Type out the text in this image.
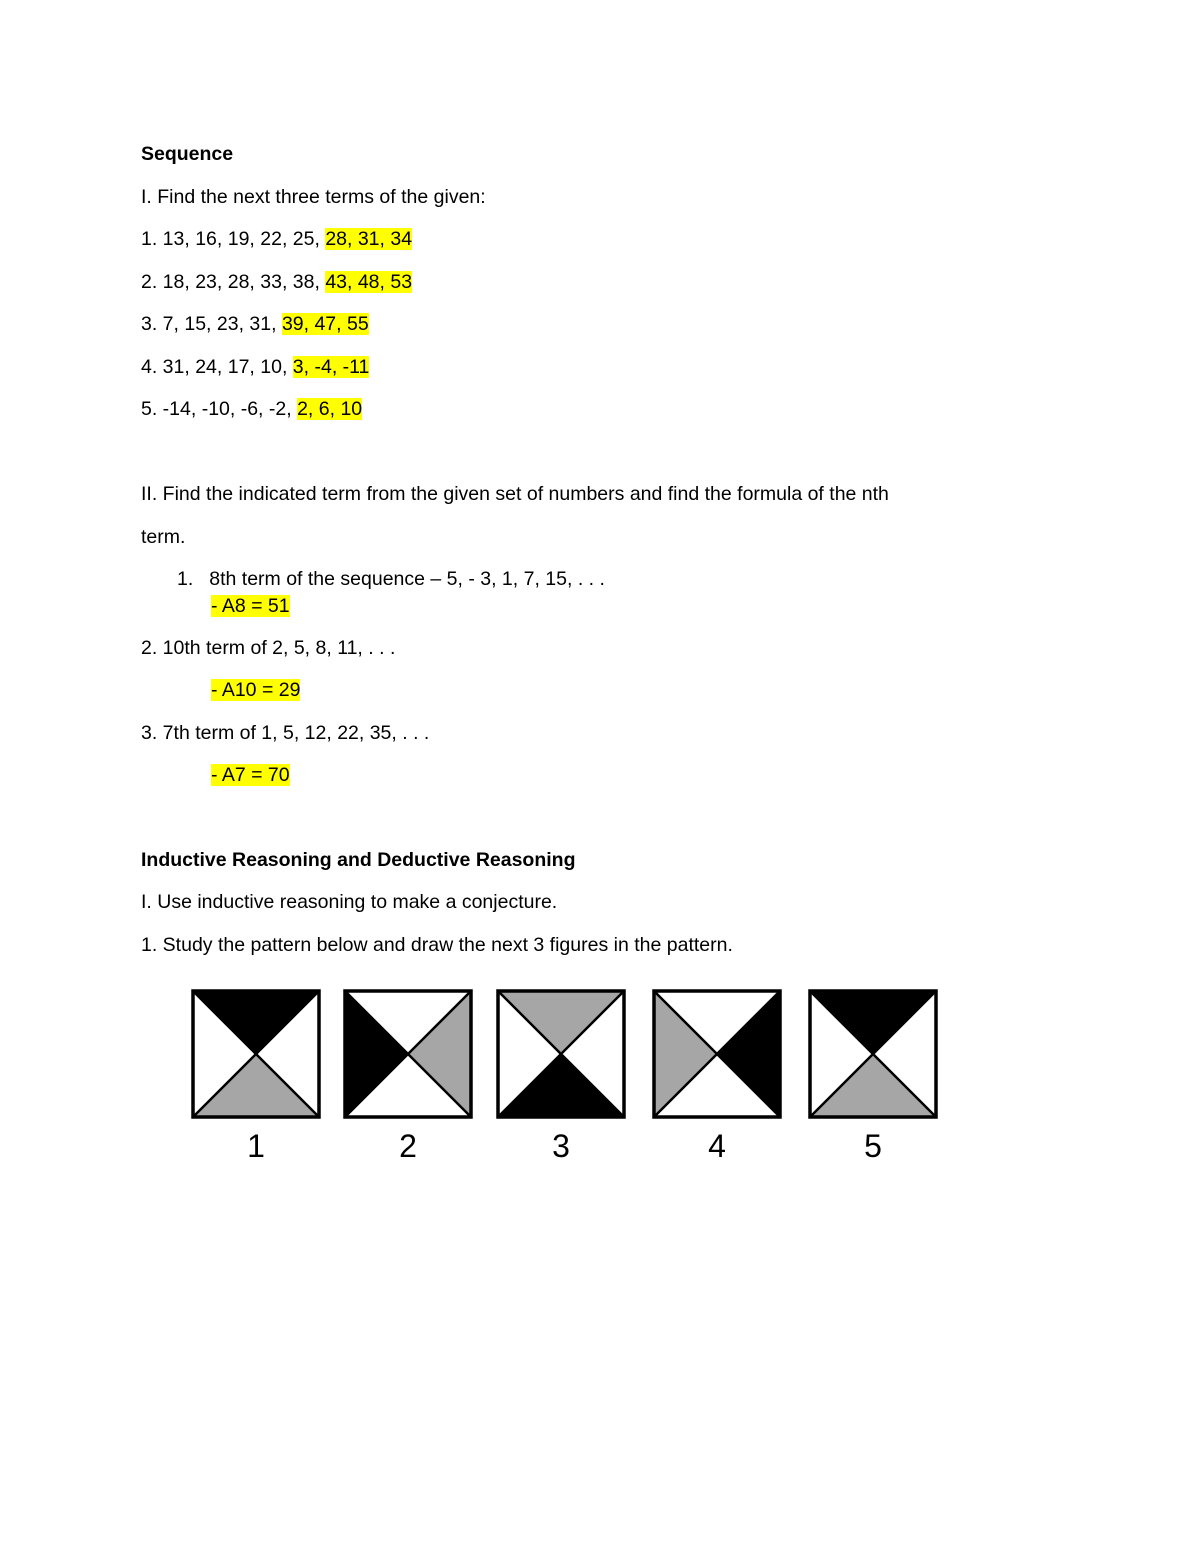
Sequence
I. Find the next three terms of the given:
1. 13, 16, 19, 22, 25, 28, 31, 34
2. 18, 23, 28, 33, 38, 43, 48, 53
3. 7, 15, 23, 31, 39, 47, 55
4. 31, 24, 17, 10, 3, -4, -11
5. -14, -10, -6, -2, 2, 6, 10
II. Find the indicated term from the given set of numbers and find the formula of the nth
term.
1. 8th term of the sequence – 5, - 3, 1, 7, 15, . . .
- A8 = 51
2. 10th term of 2, 5, 8, 11, . . .
- A10 = 29
3. 7th term of 1, 5, 12, 22, 35, . . .
- A7 = 70
Inductive Reasoning and Deductive Reasoning
I. Use inductive reasoning to make a conjecture.
1. Study the pattern below and draw the next 3 figures in the pattern.
1	2	3	4	5
